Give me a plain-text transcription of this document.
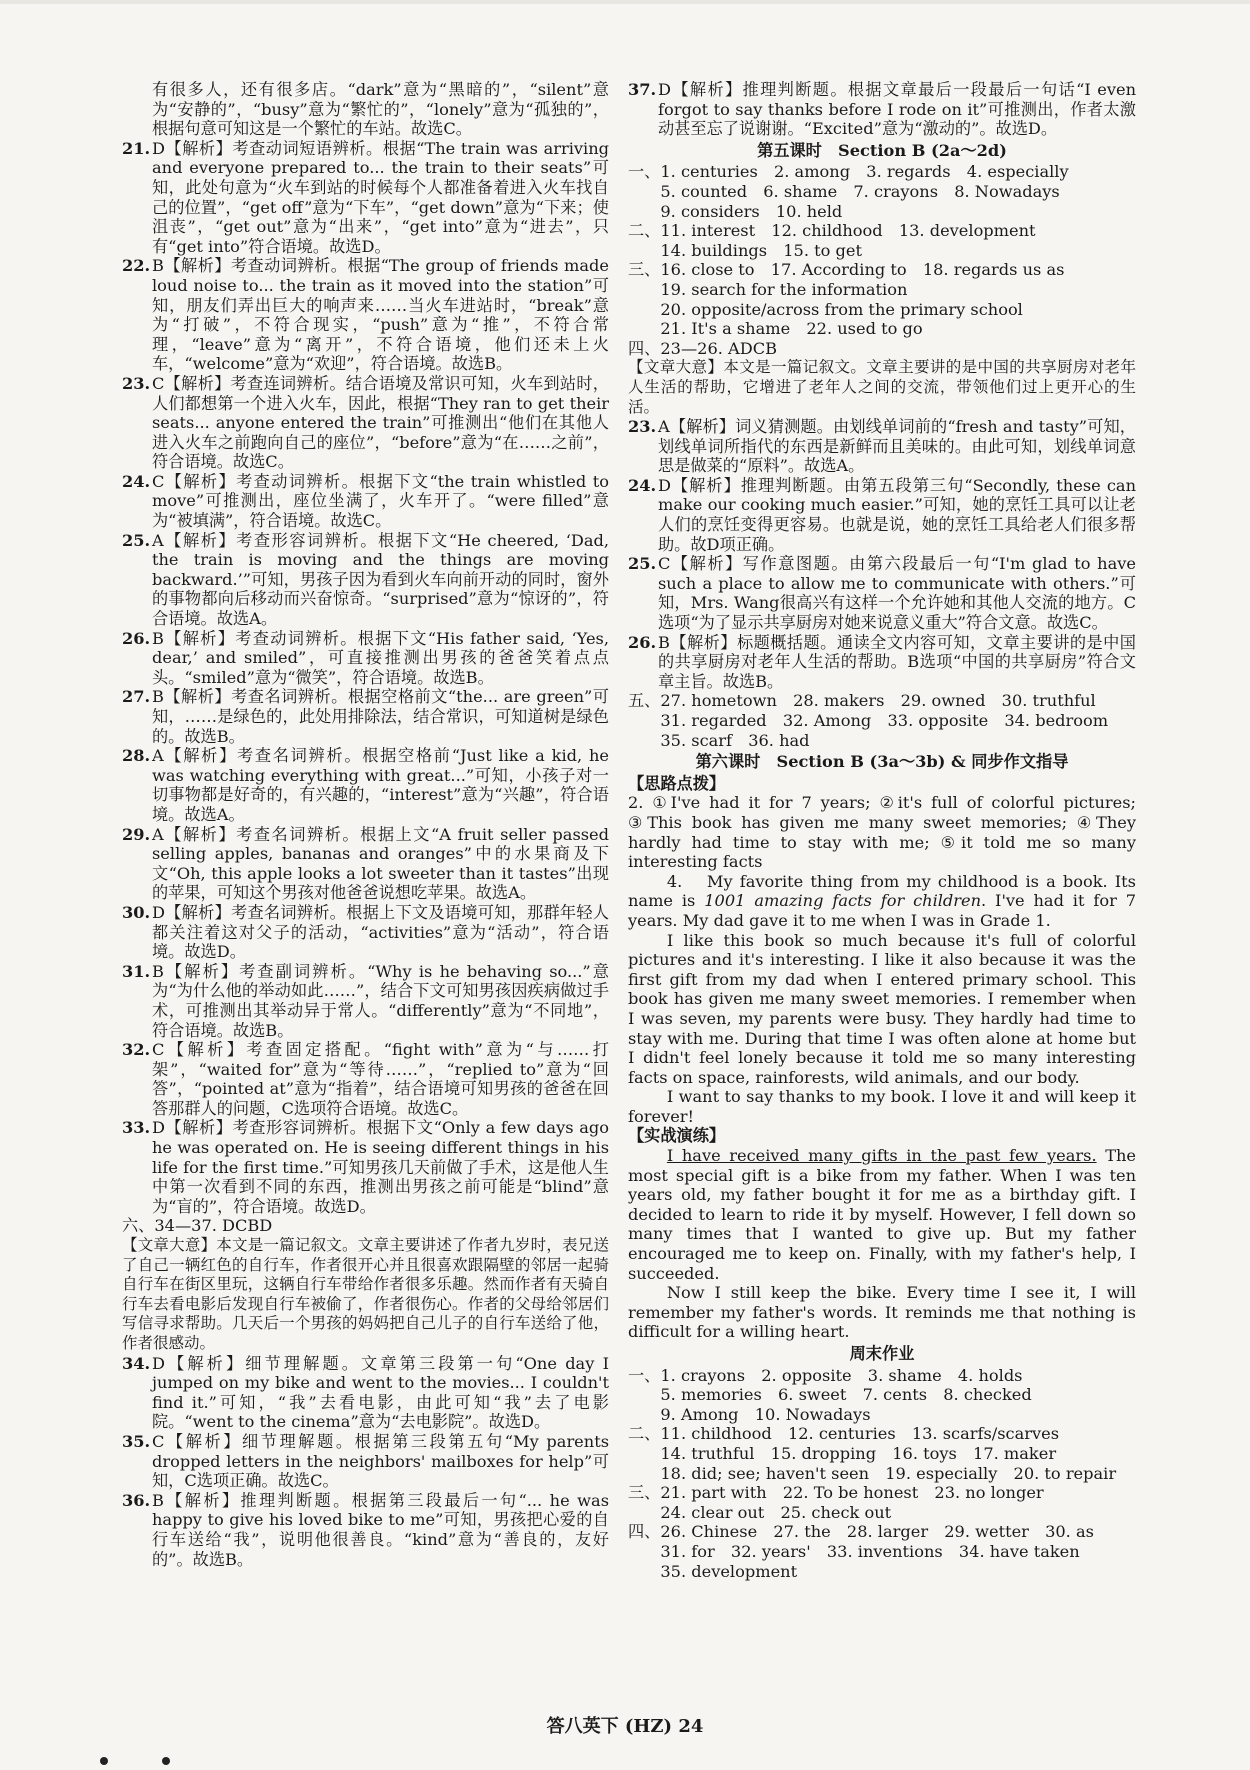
有很多人，还有很多店。“dark”意为“黑暗的”，“silent”意为“安静的”，“busy”意为“繁忙的”，“lonely”意为“孤独的”，根据句意可知这是一个繁忙的车站。故选C。

21. D【解析】考查动词短语辨析。根据“The train was arriving and everyone prepared to... the train to their seats”可知，此处句意为“火车到站的时候每个人都准备着进入火车找自己的位置”，“get off”意为“下车”，“get down”意为“下来；使沮丧”，“get out”意为“出来”，“get into”意为“进去”，只有“get into”符合语境。故选D。

22. B【解析】考查动词辨析。根据“The group of friends made loud noise to... the train as it moved into the station”可知，朋友们弄出巨大的响声来……当火车进站时，“break”意为“打破”，不符合现实，“push”意为“推”，不符合常理，“leave”意为“离开”，不符合语境，他们还未上火车，“welcome”意为“欢迎”，符合语境。故选B。

23. C【解析】考查连词辨析。结合语境及常识可知，火车到站时，人们都想第一个进入火车，因此，根据“They ran to get their seats... anyone entered the train”可推测出“他们在其他人进入火车之前跑向自己的座位”，“before”意为“在……之前”，符合语境。故选C。

24. C【解析】考查动词辨析。根据下文“the train whistled to move”可推测出，座位坐满了，火车开了。“were filled”意为“被填满”，符合语境。故选C。

25. A【解析】考查形容词辨析。根据下文“He cheered, ‘Dad, the train is moving and the things are moving backward.’”可知，男孩子因为看到火车向前开动的同时，窗外的事物都向后移动而兴奋惊奇。“surprised”意为“惊讶的”，符合语境。故选A。

26. B【解析】考查动词辨析。根据下文“His father said, ‘Yes, dear,’ and smiled”，可直接推测出男孩的爸爸笑着点点头。“smiled”意为“微笑”，符合语境。故选B。

27. B【解析】考查名词辨析。根据空格前文“the... are green”可知，……是绿色的，此处用排除法，结合常识，可知道树是绿色的。故选B。

28. A【解析】考查名词辨析。根据空格前“Just like a kid, he was watching everything with great...”可知，小孩子对一切事物都是好奇的，有兴趣的，“interest”意为“兴趣”，符合语境。故选A。

29. A【解析】考查名词辨析。根据上文“A fruit seller passed selling apples, bananas and oranges”中的水果商及下文“Oh, this apple looks a lot sweeter than it tastes”出现的苹果，可知这个男孩对他爸爸说想吃苹果。故选A。

30. D【解析】考查名词辨析。根据上下文及语境可知，那群年轻人都关注着这对父子的活动，“activities”意为“活动”，符合语境。故选D。

31. B【解析】考查副词辨析。“Why is he behaving so...”意为“为什么他的举动如此……”，结合下文可知男孩因疾病做过手术，可推测出其举动异于常人。“differently”意为“不同地”，符合语境。故选B。

32. C【解析】考查固定搭配。“fight with”意为“与……打架”，“waited for”意为“等待……”，“replied to”意为“回答”，“pointed at”意为“指着”，结合语境可知男孩的爸爸在回答那群人的问题，C选项符合语境。故选C。

33. D【解析】考查形容词辨析。根据下文“Only a few days ago he was operated on. He is seeing different things in his life for the first time.”可知男孩几天前做了手术，这是他人生中第一次看到不同的东西，推测出男孩之前可能是“blind”意为“盲的”，符合语境。故选D。

六、34—37. DCBD

【文章大意】本文是一篇记叙文。文章主要讲述了作者九岁时，表兄送了自己一辆红色的自行车，作者很开心并且很喜欢跟隔壁的邻居一起骑自行车在街区里玩，这辆自行车带给作者很多乐趣。然而作者有天骑自行车去看电影后发现自行车被偷了，作者很伤心。作者的父母给邻居们写信寻求帮助。几天后一个男孩的妈妈把自己儿子的自行车送给了他，作者很感动。

34. D【解析】细节理解题。文章第三段第一句“One day I jumped on my bike and went to the movies... I couldn't find it.”可知，“我”去看电影，由此可知“我”去了电影院。“went to the cinema”意为“去电影院”。故选D。

35. C【解析】细节理解题。根据第三段第五句“My parents dropped letters in the neighbors' mailboxes for help”可知，C选项正确。故选C。

36. B【解析】推理判断题。根据第三段最后一句“... he was happy to give his loved bike to me”可知，男孩把心爱的自行车送给“我”，说明他很善良。“kind”意为“善良的，友好的”。故选B。

37. D【解析】推理判断题。根据文章最后一段最后一句话“I even forgot to say thanks before I rode on it”可推测出，作者太激动甚至忘了说谢谢。“Excited”意为“激动的”。故选D。

第五课时　Section B (2a～2d)

一、1. centuries　2. among　3. regards　4. especially

　　5. counted　6. shame　7. crayons　8. Nowadays

　　9. considers　10. held

二、11. interest　12. childhood　13. development

　　14. buildings　15. to get

三、16. close to　17. According to　18. regards us as

　　19. search for the information

　　20. opposite/across from the primary school

　　21. It's a shame　22. used to go

四、23—26. ADCB

【文章大意】本文是一篇记叙文。文章主要讲的是中国的共享厨房对老年人生活的帮助，它增进了老年人之间的交流，带领他们过上更开心的生活。

23. A【解析】词义猜测题。由划线单词前的“fresh and tasty”可知，划线单词所指代的东西是新鲜而且美味的。由此可知，划线单词意思是做菜的“原料”。故选A。

24. D【解析】推理判断题。由第五段第三句“Secondly, these can make our cooking much easier.”可知，她的烹饪工具可以让老人们的烹饪变得更容易。也就是说，她的烹饪工具给老人们很多帮助。故D项正确。

25. C【解析】写作意图题。由第六段最后一句“I'm glad to have such a place to allow me to communicate with others.”可知，Mrs. Wang很高兴有这样一个允许她和其他人交流的地方。C选项“为了显示共享厨房对她来说意义重大”符合文意。故选C。

26. B【解析】标题概括题。通读全文内容可知，文章主要讲的是中国的共享厨房对老年人生活的帮助。B选项“中国的共享厨房”符合文章主旨。故选B。

五、27. hometown　28. makers　29. owned　30. truthful

　　31. regarded　32. Among　33. opposite　34. bedroom

　　35. scarf　36. had

第六课时　Section B (3a～3b) & 同步作文指导

【思路点拨】

2. ①I've had it for 7 years; ②it's full of colorful pictures; ③This book has given me many sweet memories; ④They hardly had time to stay with me; ⑤it told me so many interesting facts

4. My favorite thing from my childhood is a book. Its name is 1001 amazing facts for children. I've had it for 7 years. My dad gave it to me when I was in Grade 1.

I like this book so much because it's full of colorful pictures and it's interesting. I like it also because it was the first gift from my dad when I entered primary school. This book has given me many sweet memories. I remember when I was seven, my parents were busy. They hardly had time to stay with me. During that time I was often alone at home but I didn't feel lonely because it told me so many interesting facts on space, rainforests, wild animals, and our body.

I want to say thanks to my book. I love it and will keep it forever!

【实战演练】

I have received many gifts in the past few years. The most special gift is a bike from my father. When I was ten years old, my father bought it for me as a birthday gift. I decided to learn to ride it by myself. However, I fell down so many times that I wanted to give up. But my father encouraged me to keep on. Finally, with my father's help, I succeeded.

Now I still keep the bike. Every time I see it, I will remember my father's words. It reminds me that nothing is difficult for a willing heart.

周末作业

一、1. crayons　2. opposite　3. shame　4. holds

　　5. memories　6. sweet　7. cents　8. checked

　　9. Among　10. Nowadays

二、11. childhood　12. centuries　13. scarfs/scarves

　　14. truthful　15. dropping　16. toys　17. maker

　　18. did; see; haven't seen　19. especially　20. to repair

三、21. part with　22. To be honest　23. no longer

　　24. clear out　25. check out

四、26. Chinese　27. the　28. larger　29. wetter　30. as

　　31. for　32. years'　33. inventions　34. have taken

　　35. development

答八英下 (HZ) 24
